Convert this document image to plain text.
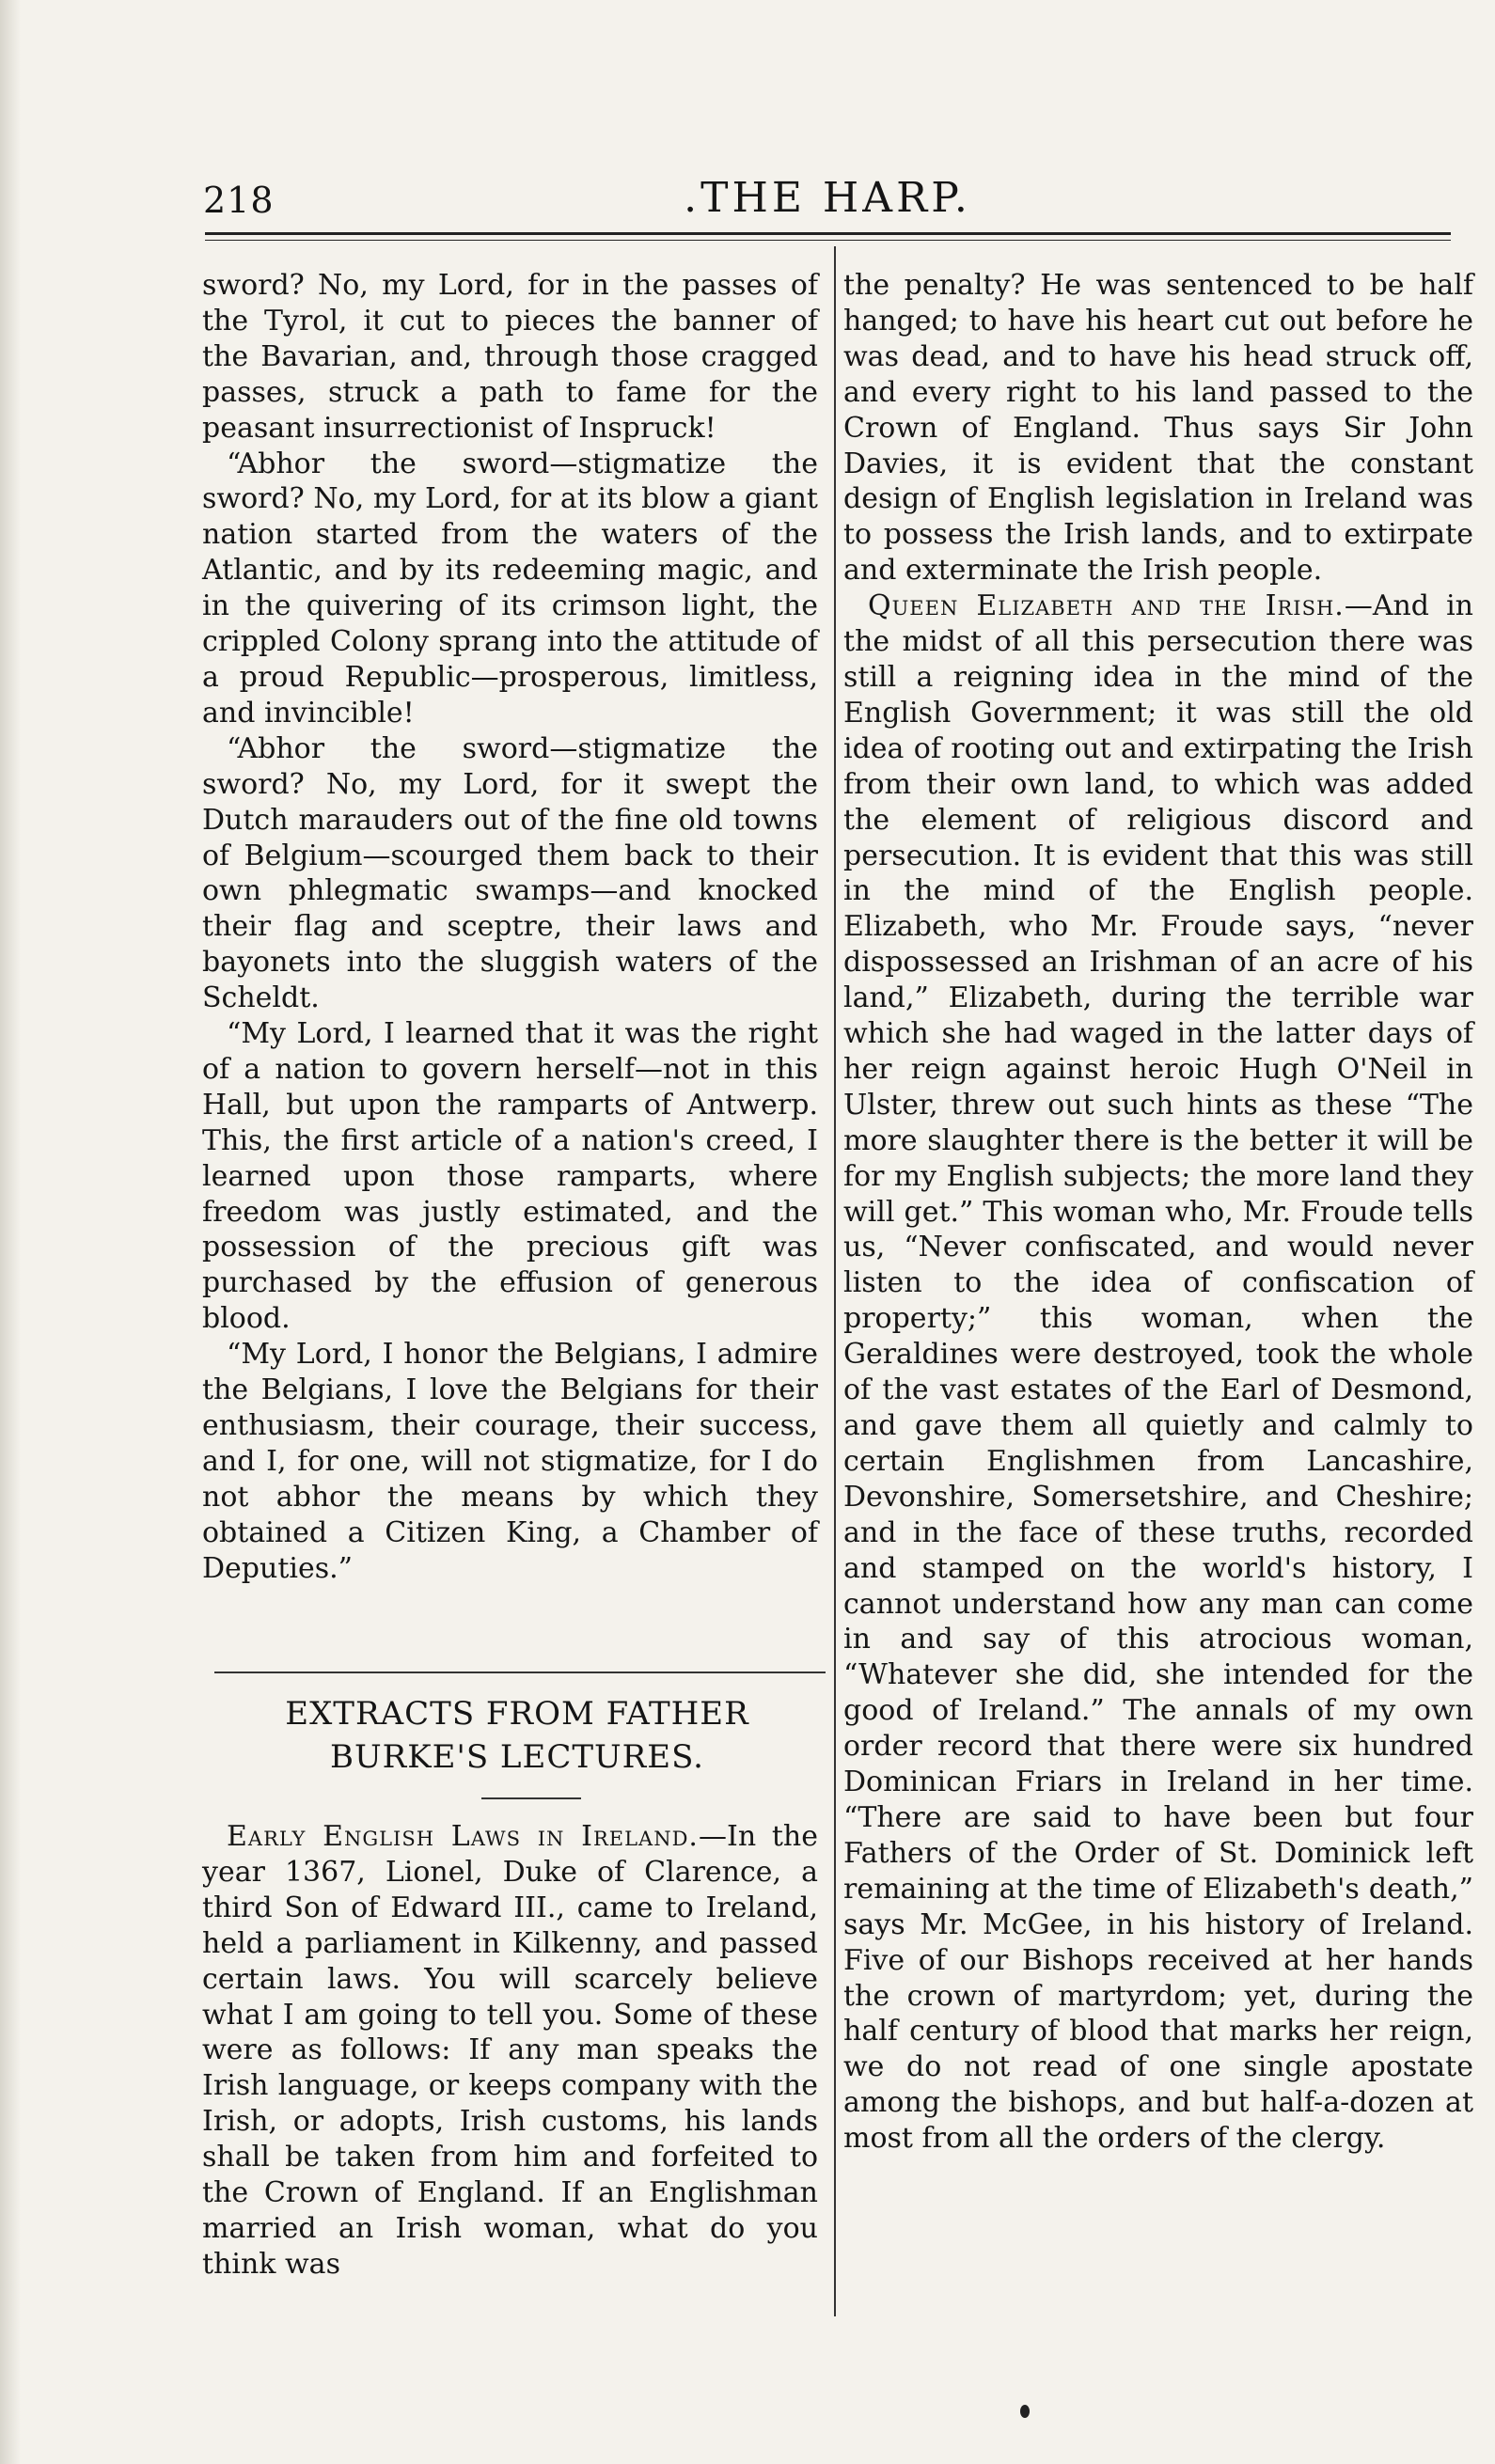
218	.THE HARP.

sword? No, my Lord, for in the passes of the Tyrol, it cut to pieces the banner of the Bavarian, and, through those cragged passes, struck a path to fame for the peasant insurrectionist of Inspruck!

“Abhor the sword—stigmatize the sword? No, my Lord, for at its blow a giant nation started from the waters of the Atlantic, and by its redeeming magic, and in the quivering of its crimson light, the crippled Colony sprang into the attitude of a proud Republic—prosperous, limitless, and invincible!

“Abhor the sword—stigmatize the sword? No, my Lord, for it swept the Dutch marauders out of the fine old towns of Belgium—scourged them back to their own phlegmatic swamps—and knocked their flag and sceptre, their laws and bayonets into the sluggish waters of the Scheldt.

“My Lord, I learned that it was the right of a nation to govern herself—not in this Hall, but upon the ramparts of Antwerp. This, the first article of a nation's creed, I learned upon those ramparts, where freedom was justly estimated, and the possession of the precious gift was purchased by the effusion of generous blood.

“My Lord, I honor the Belgians, I admire the Belgians, I love the Belgians for their enthusiasm, their courage, their success, and I, for one, will not stigmatize, for I do not abhor the means by which they obtained a Citizen King, a Chamber of Deputies.”

EXTRACTS FROM FATHER
BURKE'S LECTURES.

Early English Laws in Ireland.—In the year 1367, Lionel, Duke of Clarence, a third Son of Edward III., came to Ireland, held a parliament in Kilkenny, and passed certain laws. You will scarcely believe what I am going to tell you. Some of these were as follows: If any man speaks the Irish language, or keeps company with the Irish, or adopts, Irish customs, his lands shall be taken from him and forfeited to the Crown of England. If an Englishman married an Irish woman, what do you think was

the penalty? He was sentenced to be half hanged; to have his heart cut out before he was dead, and to have his head struck off, and every right to his land passed to the Crown of England. Thus says Sir John Davies, it is evident that the constant design of English legislation in Ireland was to possess the Irish lands, and to extirpate and exterminate the Irish people.

Queen Elizabeth and the Irish.—And in the midst of all this persecution there was still a reigning idea in the mind of the English Government; it was still the old idea of rooting out and extirpating the Irish from their own land, to which was added the element of religious discord and persecution. It is evident that this was still in the mind of the English people. Elizabeth, who Mr. Froude says, “never dispossessed an Irishman of an acre of his land,” Elizabeth, during the terrible war which she had waged in the latter days of her reign against heroic Hugh O'Neil in Ulster, threw out such hints as these “The more slaughter there is the better it will be for my English subjects; the more land they will get.” This woman who, Mr. Froude tells us, “Never confiscated, and would never listen to the idea of confiscation of property;” this woman, when the Geraldines were destroyed, took the whole of the vast estates of the Earl of Desmond, and gave them all quietly and calmly to certain Englishmen from Lancashire, Devonshire, Somersetshire, and Cheshire; and in the face of these truths, recorded and stamped on the world's history, I cannot understand how any man can come in and say of this atrocious woman, “Whatever she did, she intended for the good of Ireland.” The annals of my own order record that there were six hundred Dominican Friars in Ireland in her time. “There are said to have been but four Fathers of the Order of St. Dominick left remaining at the time of Elizabeth's death,” says Mr. McGee, in his history of Ireland. Five of our Bishops received at her hands the crown of martyrdom; yet, during the half century of blood that marks her reign, we do not read of one single apostate among the bishops, and but half-a-dozen at most from all the orders of the clergy.
